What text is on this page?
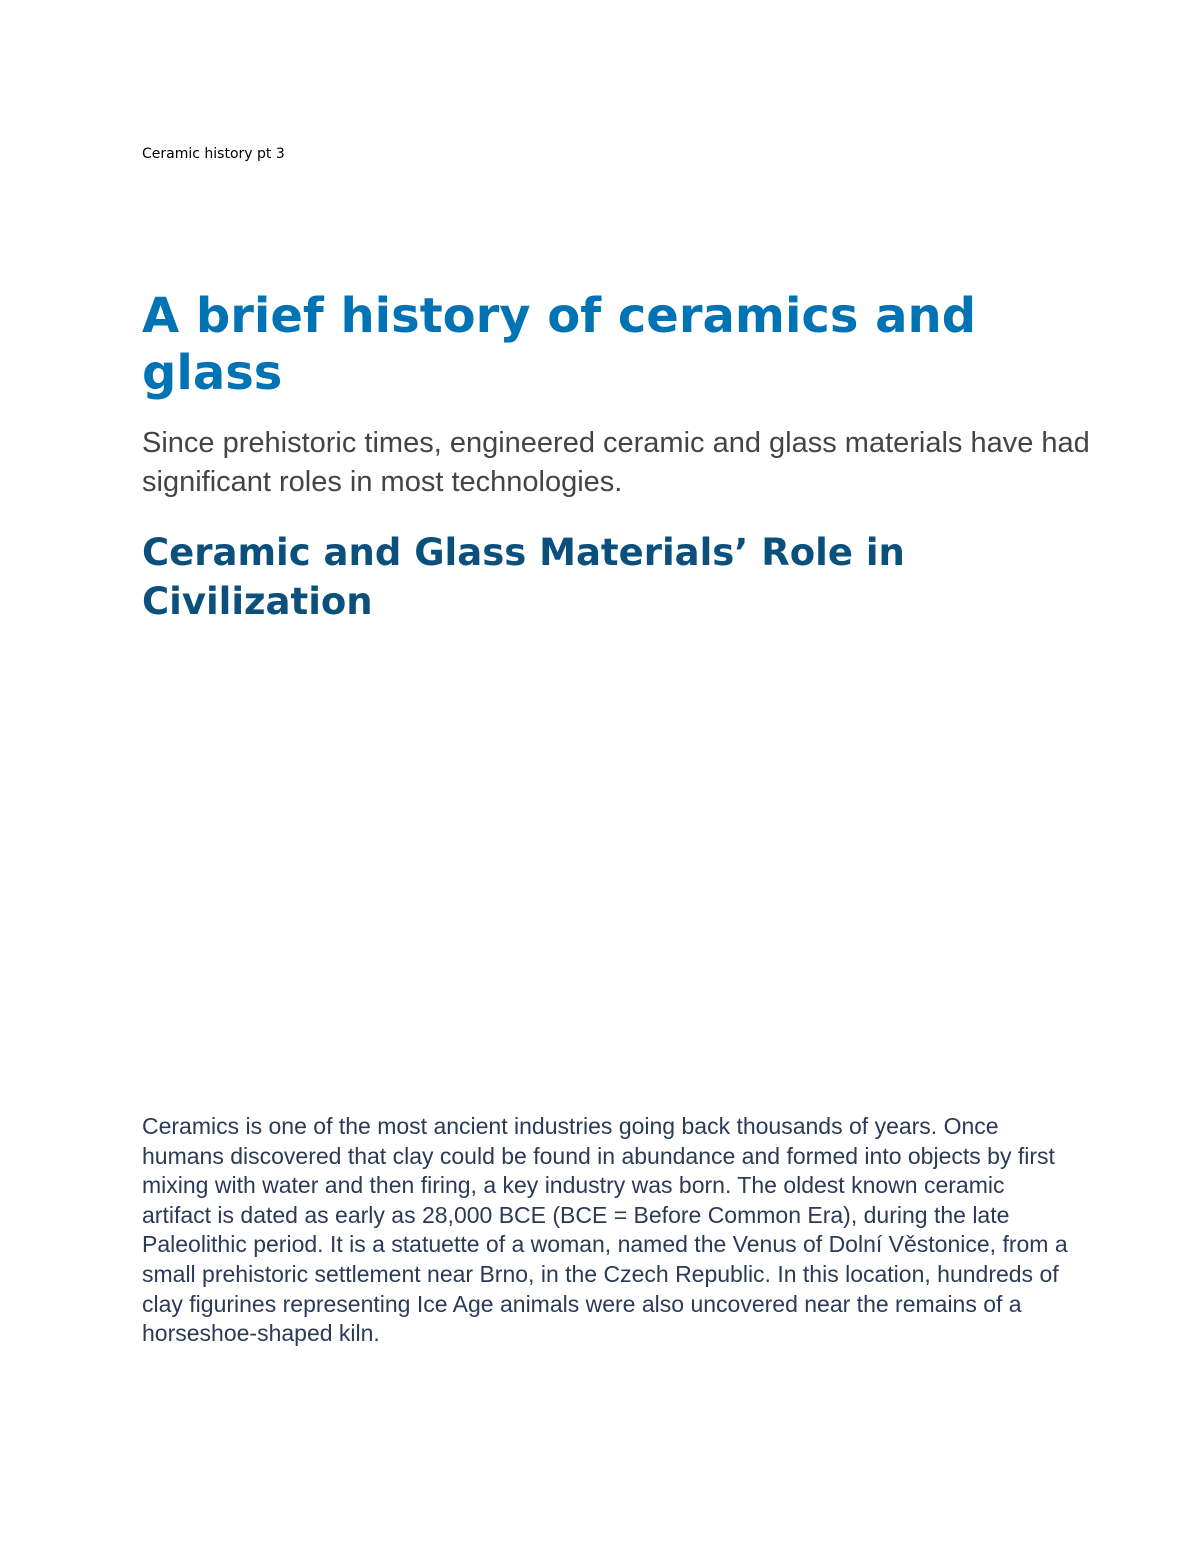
Ceramic history pt 3

A brief history of ceramics and glass

Since prehistoric times, engineered ceramic and glass materials have had significant roles in most technologies.

Ceramic and Glass Materials’ Role in Civilization

Ceramics is one of the most ancient industries going back thousands of years. Once humans discovered that clay could be found in abundance and formed into objects by first mixing with water and then firing, a key industry was born. The oldest known ceramic artifact is dated as early as 28,000 BCE (BCE = Before Common Era), during the late Paleolithic period. It is a statuette of a woman, named the Venus of Dolní Věstonice, from a small prehistoric settlement near Brno, in the Czech Republic. In this location, hundreds of clay figurines representing Ice Age animals were also uncovered near the remains of a horseshoe-shaped kiln.
